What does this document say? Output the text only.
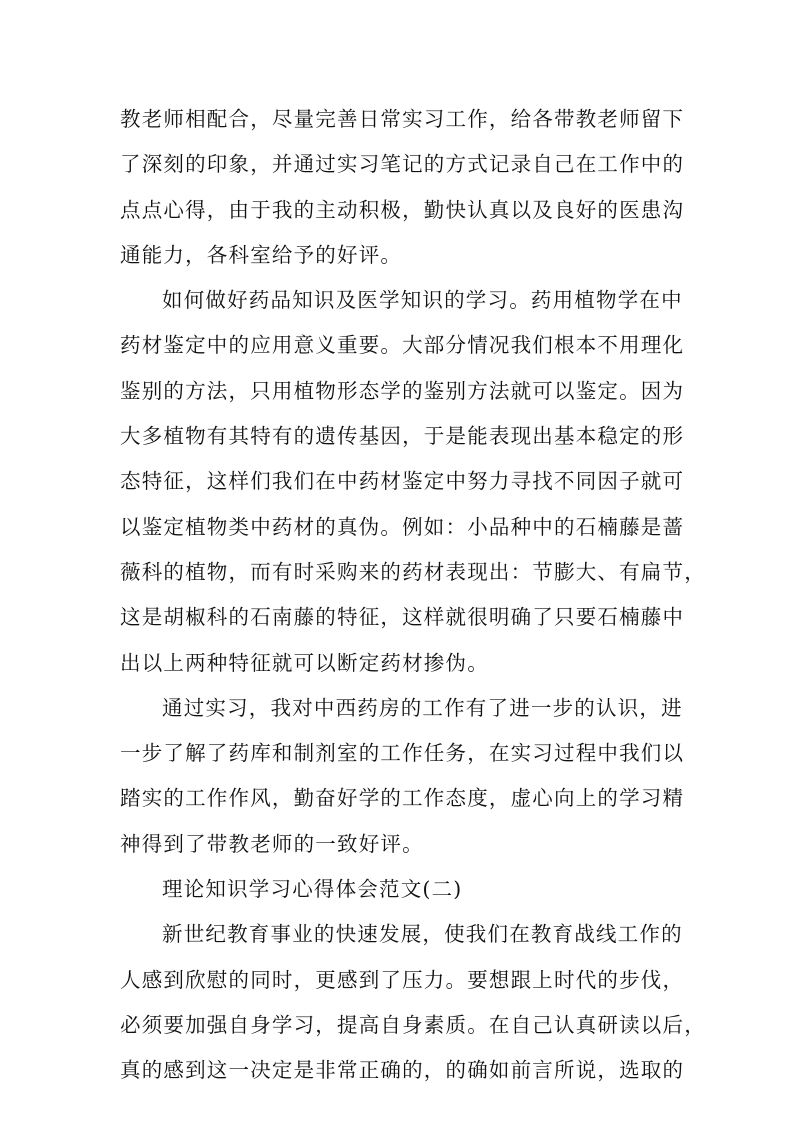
教老师相配合，尽量完善日常实习工作，给各带教老师留下
了深刻的印象，并通过实习笔记的方式记录自己在工作中的
点点心得，由于我的主动积极，勤快认真以及良好的医患沟
通能力，各科室给予的好评。
如何做好药品知识及医学知识的学习。药用植物学在中
药材鉴定中的应用意义重要。大部分情况我们根本不用理化
鉴别的方法，只用植物形态学的鉴别方法就可以鉴定。因为
大多植物有其特有的遗传基因，于是能表现出基本稳定的形
态特征，这样们我们在中药材鉴定中努力寻找不同因子就可
以鉴定植物类中药材的真伪。例如：小品种中的石楠藤是蔷
薇科的植物，而有时采购来的药材表现出：节膨大、有扁节，
这是胡椒科的石南藤的特征，这样就很明确了只要石楠藤中
出以上两种特征就可以断定药材掺伪。
通过实习，我对中西药房的工作有了进一步的认识，进
一步了解了药库和制剂室的工作任务，在实习过程中我们以
踏实的工作作风，勤奋好学的工作态度，虚心向上的学习精
神得到了带教老师的一致好评。
理论知识学习心得体会范文(二)
新世纪教育事业的快速发展，使我们在教育战线工作的
人感到欣慰的同时，更感到了压力。要想跟上时代的步伐，
必须要加强自身学习，提高自身素质。在自己认真研读以后，
真的感到这一决定是非常正确的，的确如前言所说，选取的
